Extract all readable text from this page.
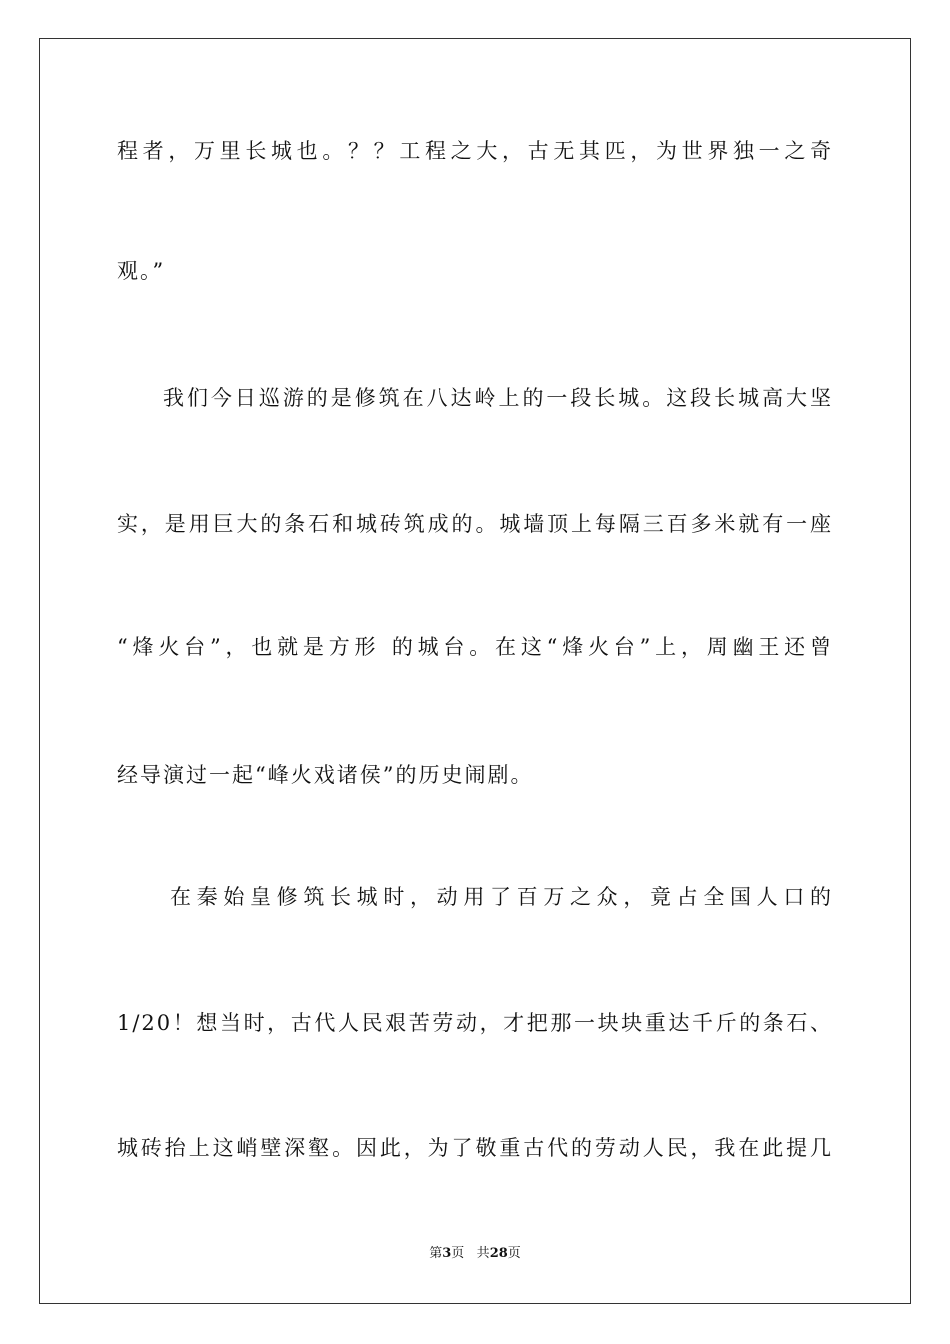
程者，万里长城也。？？工程之大，古无其匹，为世界独一之奇
观。”
我们今日巡游的是修筑在八达岭上的一段长城。这段长城高大坚
实，是用巨大的条石和城砖筑成的。城墙顶上每隔三百多米就有一座
“烽火台”，也就是方形 的城台。在这“烽火台”上，周幽王还曾
经导演过一起“峰火戏诸侯”的历史闹剧。
在秦始皇修筑长城时，动用了百万之众，竟占全国人口的
1/20！想当时，古代人民艰苦劳动，才把那一块块重达千斤的条石、
城砖抬上这峭壁深壑。因此，为了敬重古代的劳动人民，我在此提几
第3页 共28页
